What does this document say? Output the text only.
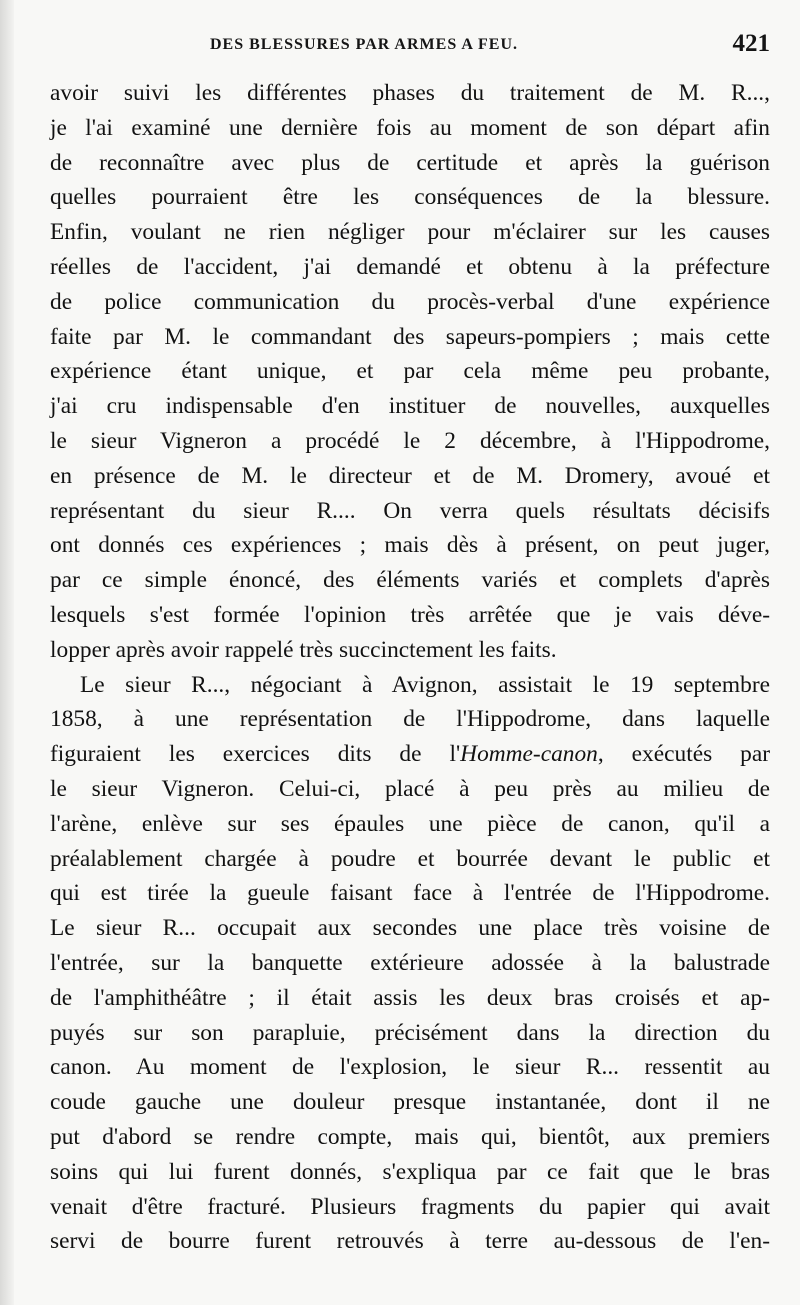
DES BLESSURES PAR ARMES A FEU.	421
avoir suivi les différentes phases du traitement de M. R...,
je l'ai examiné une dernière fois au moment de son départ afin
de reconnaître avec plus de certitude et après la guérison
quelles pourraient être les conséquences de la blessure.
Enfin, voulant ne rien négliger pour m'éclairer sur les causes
réelles de l'accident, j'ai demandé et obtenu à la préfecture
de police communication du procès-verbal d'une expérience
faite par M. le commandant des sapeurs-pompiers ; mais cette
expérience étant unique, et par cela même peu probante,
j'ai cru indispensable d'en instituer de nouvelles, auxquelles
le sieur Vigneron a procédé le 2 décembre, à l'Hippodrome,
en présence de M. le directeur et de M. Dromery, avoué et
représentant du sieur R.... On verra quels résultats décisifs
ont donnés ces expériences ; mais dès à présent, on peut juger,
par ce simple énoncé, des éléments variés et complets d'après
lesquels s'est formée l'opinion très arrêtée que je vais déve-
lopper après avoir rappelé très succinctement les faits.
Le sieur R..., négociant à Avignon, assistait le 19 septembre
1858, à une représentation de l'Hippodrome, dans laquelle
figuraient les exercices dits de l'Homme-canon, exécutés par
le sieur Vigneron. Celui-ci, placé à peu près au milieu de
l'arène, enlève sur ses épaules une pièce de canon, qu'il a
préalablement chargée à poudre et bourrée devant le public et
qui est tirée la gueule faisant face à l'entrée de l'Hippodrome.
Le sieur R... occupait aux secondes une place très voisine de
l'entrée, sur la banquette extérieure adossée à la balustrade
de l'amphithéâtre ; il était assis les deux bras croisés et ap-
puyés sur son parapluie, précisément dans la direction du
canon. Au moment de l'explosion, le sieur R... ressentit au
coude gauche une douleur presque instantanée, dont il ne
put d'abord se rendre compte, mais qui, bientôt, aux premiers
soins qui lui furent donnés, s'expliqua par ce fait que le bras
venait d'être fracturé. Plusieurs fragments du papier qui avait
servi de bourre furent retrouvés à terre au-dessous de l'en-
